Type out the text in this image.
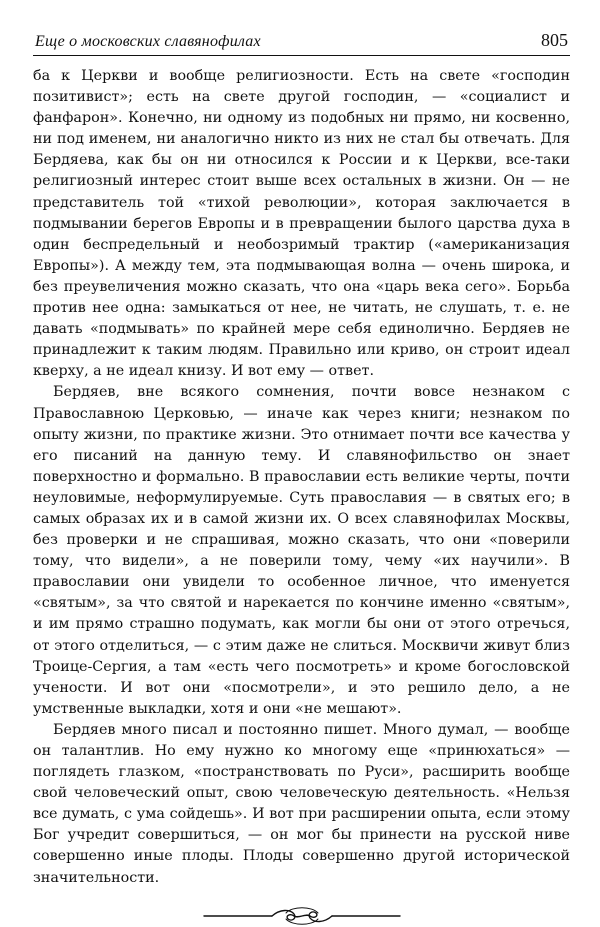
Еще о московских славянофилах	805

ба к Церкви и вообще религиозности. Есть на свете «господин позитивист»; есть на свете другой господин, — «социалист и фанфарон». Конечно, ни одному из подобных ни прямо, ни косвенно, ни под именем, ни аналогично никто из них не стал бы отвечать. Для Бердяева, как бы он ни относился к России и к Церкви, все-таки религиозный интерес стоит выше всех остальных в жизни. Он — не представитель той «тихой революции», которая заключается в подмывании берегов Европы и в превращении былого царства духа в один беспредельный и необозримый трактир («американизация Европы»). А между тем, эта подмывающая волна — очень широка, и без преувеличения можно сказать, что она «царь века сего». Борьба против нее одна: замыкаться от нее, не читать, не слушать, т. е. не давать «подмывать» по крайней мере себя единолично. Бердяев не принадлежит к таким людям. Правильно или криво, он строит идеал кверху, а не идеал книзу. И вот ему — ответ.

Бердяев, вне всякого сомнения, почти вовсе незнаком с Православною Церковью, — иначе как через книги; незнаком по опыту жизни, по практике жизни. Это отнимает почти все качества у его писаний на данную тему. И славянофильство он знает поверхностно и формально. В православии есть великие черты, почти неуловимые, неформулируемые. Суть православия — в святых его; в самых образах их и в самой жизни их. О всех славянофилах Москвы, без проверки и не спрашивая, можно сказать, что они «поверили тому, что видели», а не поверили тому, чему «их научили». В православии они увидели то особенное личное, что именуется «святым», за что святой и нарекается по кончине именно «святым», и им прямо страшно подумать, как могли бы они от этого отречься, от этого отделиться, — с этим даже не слиться. Москвичи живут близ Троице-Сергия, а там «есть чего посмотреть» и кроме богословской учености. И вот они «посмотрели», и это решило дело, а не умственные выкладки, хотя и они «не мешают».

Бердяев много писал и постоянно пишет. Много думал, — вообще он талантлив. Но ему нужно ко многому еще «принюхаться» — поглядеть глазком, «постранствовать по Руси», расширить вообще свой человеческий опыт, свою человеческую деятельность. «Нельзя все думать, с ума сойдешь». И вот при расширении опыта, если этому Бог учредит совершиться, — он мог бы принести на русской ниве совершенно иные плоды. Плоды совершенно другой исторической значительности.
